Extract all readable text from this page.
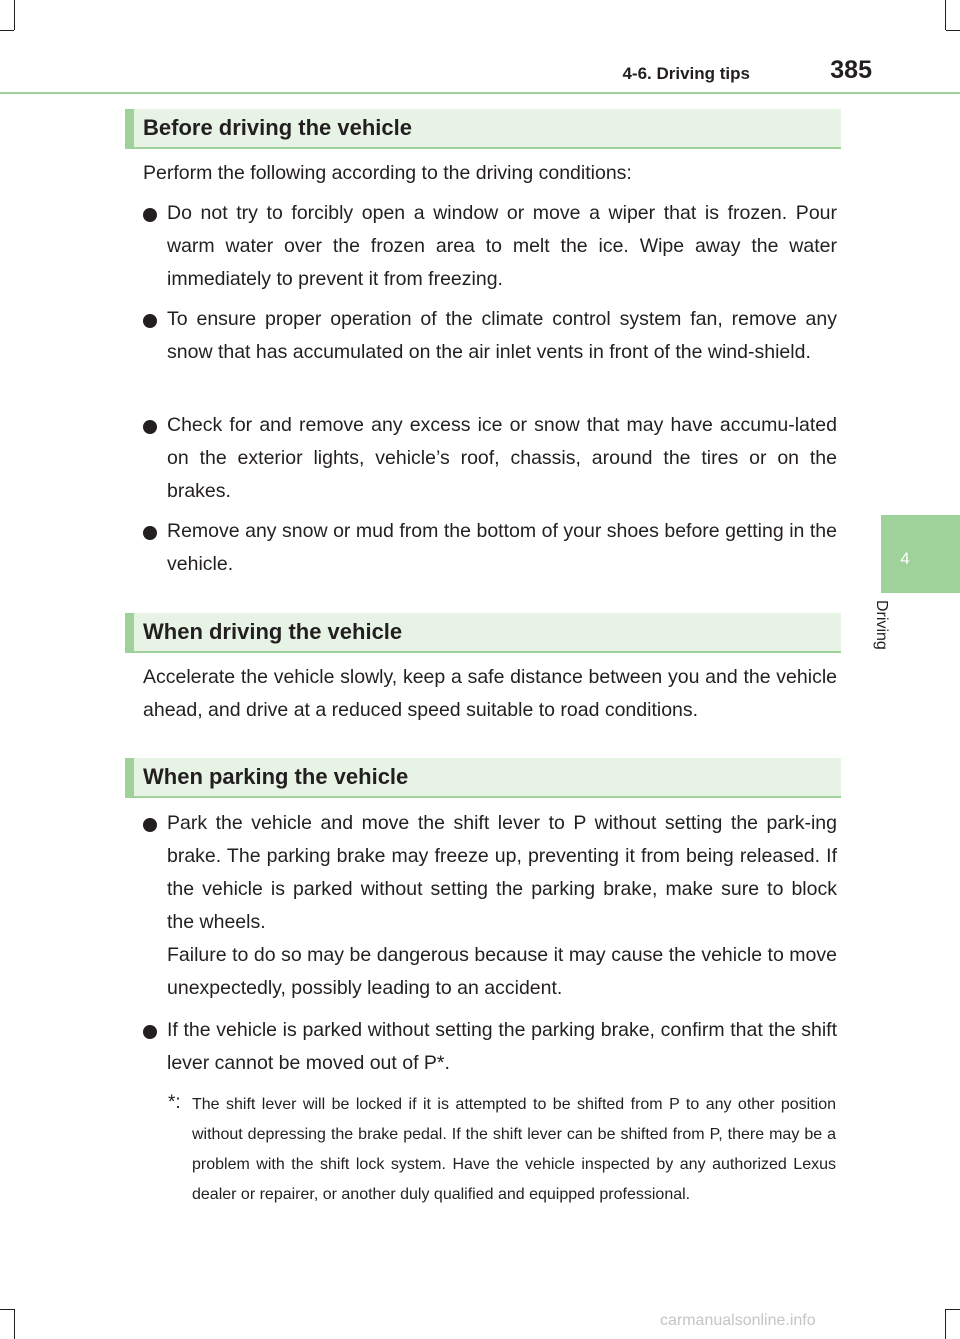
4-6. Driving tips	385
4
Driving
Before driving the vehicle
Perform the following according to the driving conditions:
Do not try to forcibly open a window or move a wiper that is frozen. Pour warm water over the frozen area to melt the ice. Wipe away the water immediately to prevent it from freezing.
To ensure proper operation of the climate control system fan, remove any snow that has accumulated on the air inlet vents in front of the wind-shield.
Check for and remove any excess ice or snow that may have accumu-lated on the exterior lights, vehicle’s roof, chassis, around the tires or on the brakes.
Remove any snow or mud from the bottom of your shoes before getting in the vehicle.
When driving the vehicle
Accelerate the vehicle slowly, keep a safe distance between you and the vehicle ahead, and drive at a reduced speed suitable to road conditions.
When parking the vehicle
Park the vehicle and move the shift lever to P without setting the park-ing brake. The parking brake may freeze up, preventing it from being released. If the vehicle is parked without setting the parking brake, make sure to block the wheels.
Failure to do so may be dangerous because it may cause the vehicle to move unexpectedly, possibly leading to an accident.
If the vehicle is parked without setting the parking brake, confirm that the shift lever cannot be moved out of P*.
*: The shift lever will be locked if it is attempted to be shifted from P to any other position without depressing the brake pedal. If the shift lever can be shifted from P, there may be a problem with the shift lock system. Have the vehicle inspected by any authorized Lexus dealer or repairer, or another duly qualified and equipped professional.
carmanualsonline.info
